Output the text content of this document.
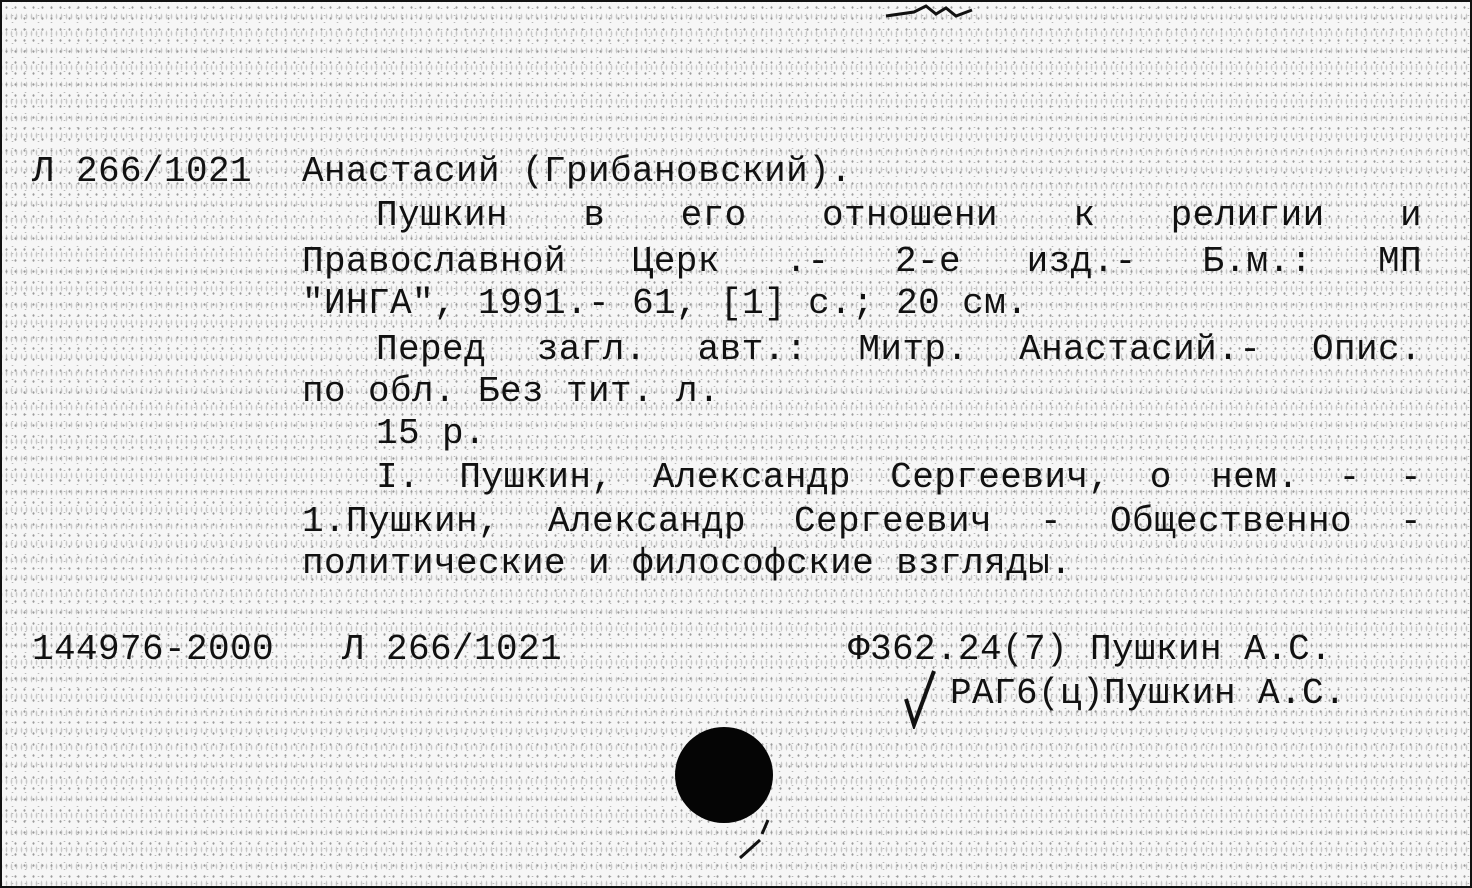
Л 266/1021 Анастасий (Грибановский).
Пушкин в его отношени к религии и
Православной Церк .- 2-е изд.- Б.м.: МП
"ИНГА", 1991.- 61, [1] с.; 20 см.
Перед загл. авт.: Митр. Анастасий.- Опис.
по обл. Без тит. л.
15 р.
I. Пушкин, Александр Сергеевич, о нем. - -
1.Пушкин, Александр Сергеевич - Общественно -
политические и философские взгляды.
144976-2000 Л 266/1021	Ф362.24(7) Пушкин А.С.
РАГ6(ц)Пушкин А.С.
